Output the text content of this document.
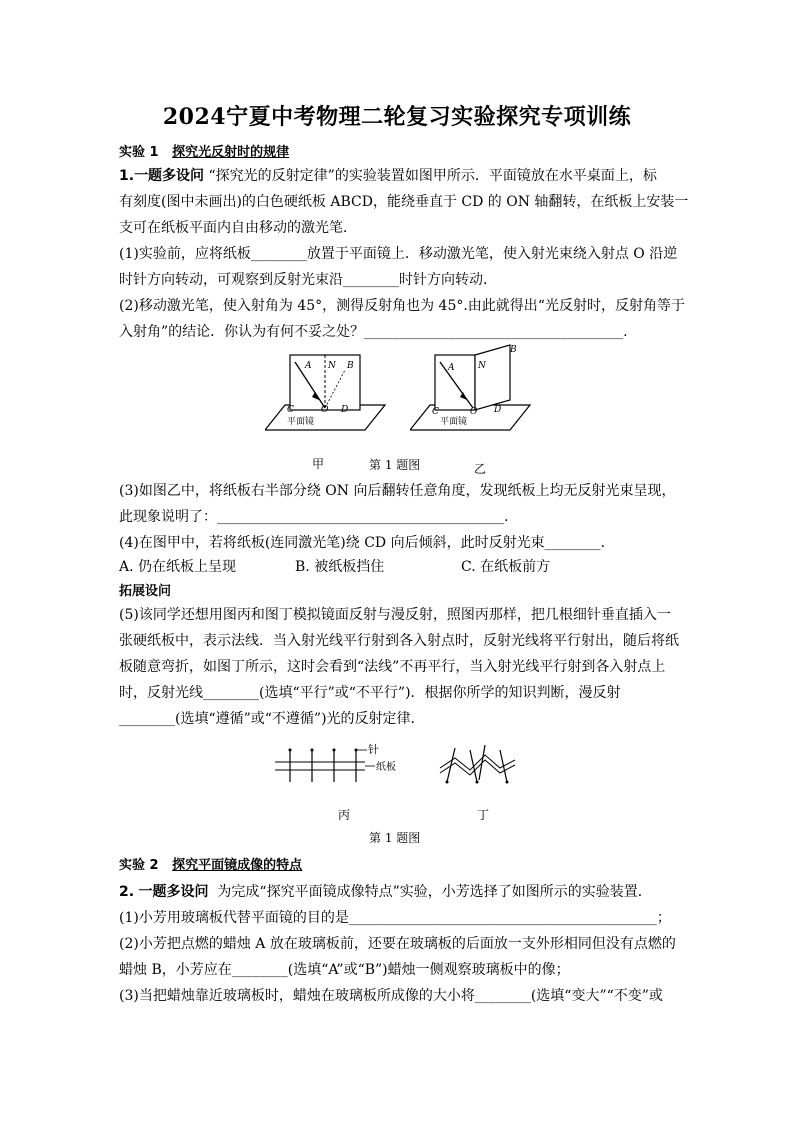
2024宁夏中考物理二轮复习实验探究专项训练
实验 1 探究光反射时的规律
1.一题多设问 “探究光的反射定律”的实验装置如图甲所示．平面镜放在水平桌面上，标
有刻度(图中未画出)的白色硬纸板 ABCD，能绕垂直于 CD 的 ON 轴翻转，在纸板上安装一
支可在纸板平面内自由移动的激光笔．
(1)实验前，应将纸板________放置于平面镜上．移动激光笔，使入射光束绕入射点 O 沿逆
时针方向转动，可观察到反射光束沿________时针方向转动．
(2)移动激光笔，使入射角为 45°，测得反射角也为 45°.由此就得出“光反射时，反射角等于
入射角”的结论．你认为有何不妥之处？_____________________________________.
A N B
C	O D
平面镜
甲
A	N
B
C	O D
平面镜
乙
第 1 题图
(3)如图乙中，将纸板右半部分绕 ON 向后翻转任意角度，发现纸板上均无反射光束呈现，
此现象说明了：_________________________________________.
(4)在图甲中，若将纸板(连同激光笔)绕 CD 向后倾斜，此时反射光束________.
A. 仍在纸板上呈现	B. 被纸板挡住	C. 在纸板前方
拓展设问
(5)该同学还想用图丙和图丁模拟镜面反射与漫反射，照图丙那样，把几根细针垂直插入一
张硬纸板中，表示法线．当入射光线平行射到各入射点时，反射光线将平行射出，随后将纸
板随意弯折，如图丁所示，这时会看到“法线”不再平行，当入射光线平行射到各入射点上
时，反射光线________(选填“平行”或“不平行”)．根据你所学的知识判断，漫反射
________(选填“遵循”或“不遵循”)光的反射定律．
针
纸板
丙	丁
第 1 题图
实验 2 探究平面镜成像的特点
2. 一题多设问 为完成“探究平面镜成像特点”实验，小芳选择了如图所示的实验装置．
(1)小芳用玻璃板代替平面镜的目的是____________________________________________；
(2)小芳把点燃的蜡烛 A 放在玻璃板前，还要在玻璃板的后面放一支外形相同但没有点燃的
蜡烛 B，小芳应在________(选填“A”或“B”)蜡烛一侧观察玻璃板中的像；
(3)当把蜡烛靠近玻璃板时，蜡烛在玻璃板所成像的大小将________(选填“变大”“不变”或
